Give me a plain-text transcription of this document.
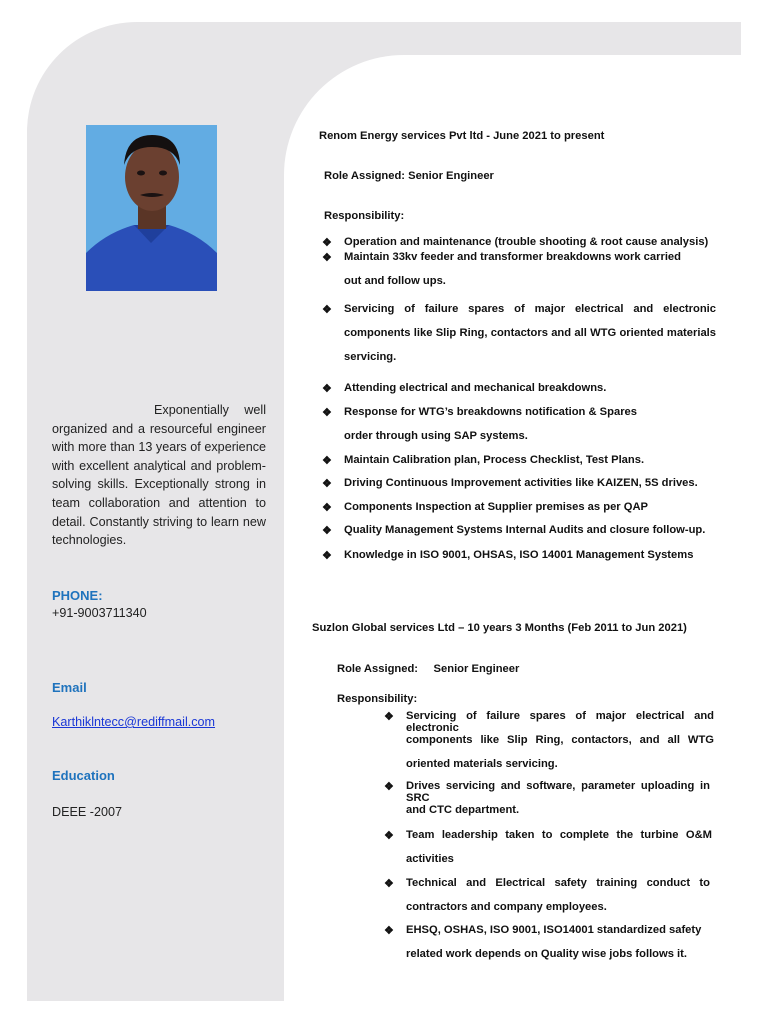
Exponentially well organized and a resourceful engineer with more than 13 years of experience with excellent analytical and problem-solving skills. Exceptionally strong in team collaboration and attention to detail. Constantly striving to learn new technologies.
PHONE:
+91-9003711340
Email
Karthiklntecc@rediffmail.com
Education
DEEE -2007
Renom Energy services Pvt ltd - June 2021 to present
Role Assigned: Senior Engineer
Responsibility:
❖ Operation and maintenance (trouble shooting & root cause analysis)
❖ Maintain 33kv feeder and transformer breakdowns work carried
out and follow ups.
❖ Servicing of failure spares of major electrical and electronic
components like Slip Ring, contactors and all WTG oriented materials
servicing.
❖ Attending electrical and mechanical breakdowns.
❖ Response for WTG’s breakdowns notification & Spares
order through using SAP systems.
❖ Maintain Calibration plan, Process Checklist, Test Plans.
❖ Driving Continuous Improvement activities like KAIZEN, 5S drives.
❖ Components Inspection at Supplier premises as per QAP
❖ Quality Management Systems Internal Audits and closure follow-up.
❖ Knowledge in ISO 9001, OHSAS, ISO 14001 Management Systems
Suzlon Global services Ltd – 10 years 3 Months (Feb 2011 to Jun 2021)
Role Assigned:     Senior Engineer
Responsibility:
❖ Servicing of failure spares of major electrical and electronic
components like Slip Ring, contactors, and all WTG
oriented materials servicing.
❖ Drives servicing and software, parameter uploading in SRC
and CTC department.
❖ Team leadership taken to complete the turbine O&M
activities
❖ Technical and Electrical safety training conduct to
contractors and company employees.
❖ EHSQ, OSHAS, ISO 9001, ISO14001 standardized safety
related work depends on Quality wise jobs follows it.
